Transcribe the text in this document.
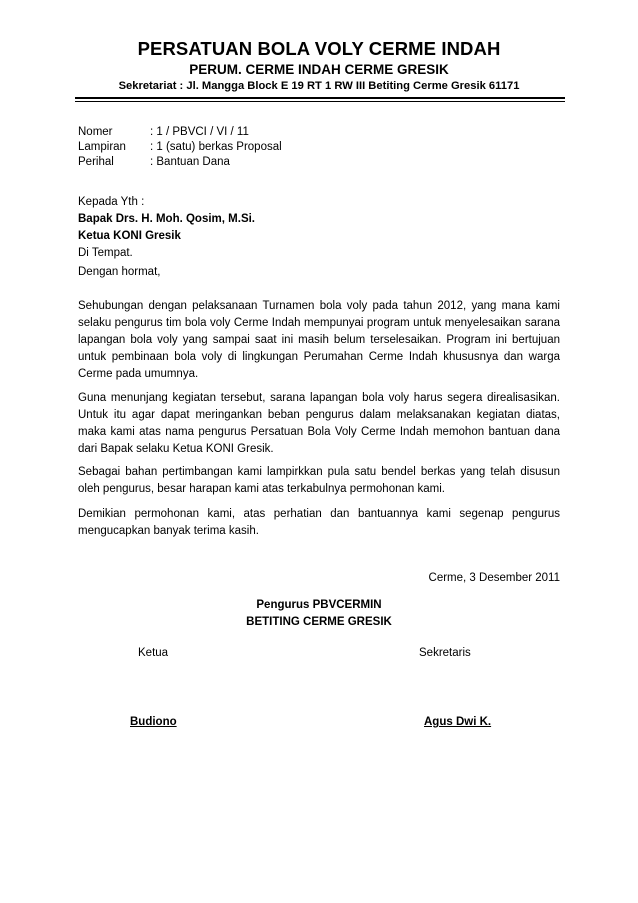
PERSATUAN BOLA VOLY CERME INDAH
PERUM. CERME INDAH CERME GRESIK
Sekretariat : Jl. Mangga Block E 19 RT 1 RW III Betiting Cerme Gresik 61171
Nomer	: 1 / PBVCI / VI / 11
Lampiran	: 1 (satu) berkas Proposal
Perihal	: Bantuan Dana
Kepada Yth :
Bapak Drs. H. Moh. Qosim, M.Si.
Ketua KONI Gresik
Di Tempat.
Dengan hormat,
Sehubungan dengan pelaksanaan Turnamen bola voly pada tahun 2012, yang mana kami selaku pengurus tim bola voly Cerme Indah mempunyai program untuk menyelesaikan sarana lapangan bola voly yang sampai saat ini masih belum terselesaikan. Program ini bertujuan untuk pembinaan bola voly di lingkungan Perumahan Cerme Indah khususnya dan warga Cerme pada umumnya.
Guna menunjang kegiatan tersebut, sarana lapangan bola voly harus segera direalisasikan. Untuk itu agar dapat meringankan beban pengurus dalam melaksanakan kegiatan diatas, maka kami atas nama pengurus Persatuan Bola Voly Cerme Indah memohon bantuan dana dari Bapak selaku Ketua KONI Gresik.
Sebagai bahan pertimbangan kami lampirkkan pula satu bendel berkas yang telah disusun oleh pengurus, besar harapan kami atas terkabulnya permohonan kami.
Demikian permohonan kami, atas perhatian dan bantuannya kami segenap pengurus mengucapkan banyak terima kasih.
Cerme, 3 Desember 2011
Pengurus PBVCERMIN
BETITING CERME GRESIK
Ketua	Sekretaris
Budiono	Agus Dwi K.
